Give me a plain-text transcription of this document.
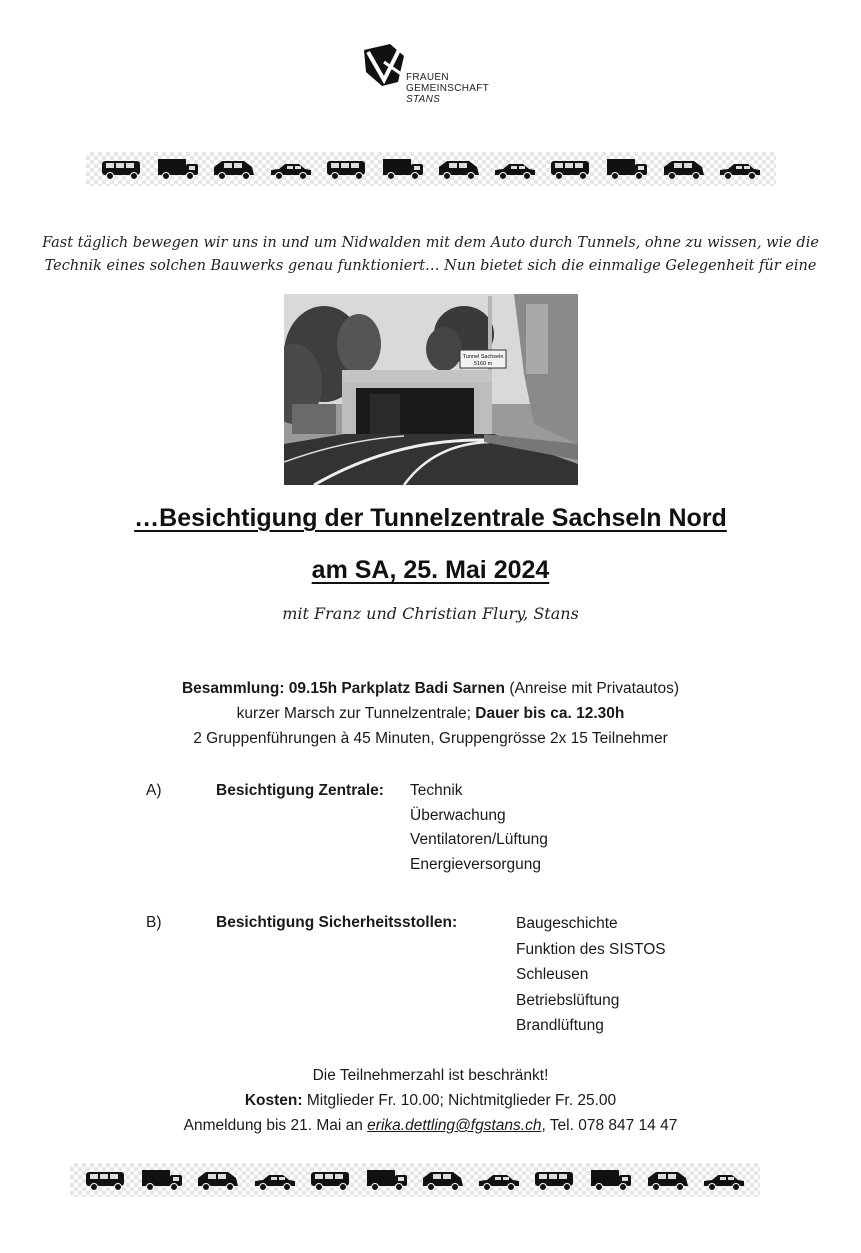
FRAUEN
GEMEINSCHAFT
STANS
Fast täglich bewegen wir uns in und um Nidwalden mit dem Auto durch Tunnels, ohne zu wissen, wie die
Technik eines solchen Bauwerks genau funktioniert… Nun bietet sich die einmalige Gelegenheit für eine
Tunnel Sachseln
5160 m
…Besichtigung der Tunnelzentrale Sachseln Nord
am SA, 25. Mai 2024
mit Franz und Christian Flury, Stans
Besammlung: 09.15h Parkplatz Badi Sarnen (Anreise mit Privatautos)
kurzer Marsch zur Tunnelzentrale; Dauer bis ca. 12.30h
2 Gruppenführungen à 45 Minuten, Gruppengrösse 2x 15 Teilnehmer
A)	Besichtigung Zentrale: Technik
Überwachung
Ventilatoren/Lüftung
Energieversorgung
B)	Besichtigung Sicherheitsstollen:	Baugeschichte
Funktion des SISTOS
Schleusen
Betriebslüftung
Brandlüftung
Die Teilnehmerzahl ist beschränkt!
Kosten: Mitglieder Fr. 10.00; Nichtmitglieder Fr. 25.00
Anmeldung bis 21. Mai an erika.dettling@fgstans.ch, Tel. 078 847 14 47
